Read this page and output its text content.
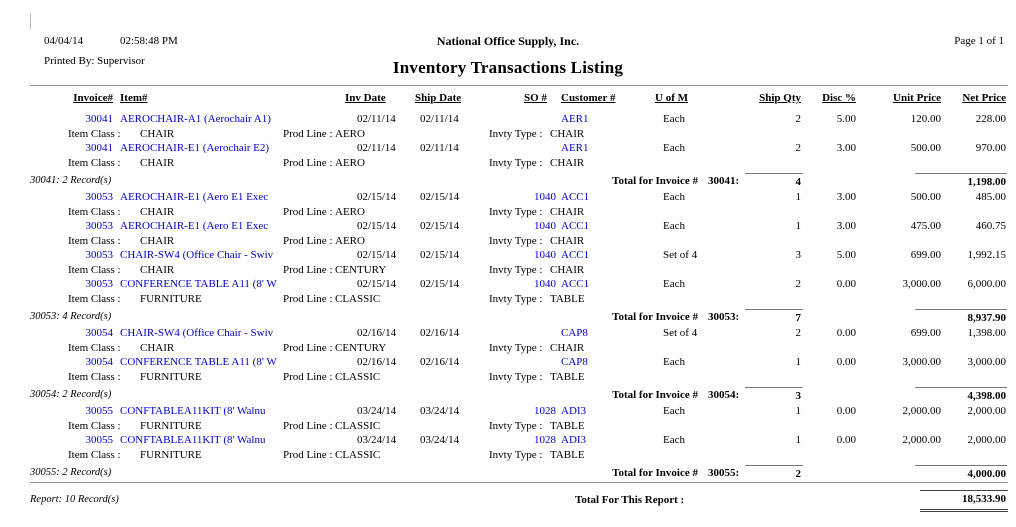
04/04/14	02:58:48 PM
Printed By: Supervisor
National Office Supply, Inc.
Inventory Transactions Listing
Page 1 of 1
Invoice# Item#	Inv Date	Ship Date	SO # Customer #	U of M	Ship Qty	Disc %	Unit Price	Net Price
30041 AEROCHAIR-A1 (Aerochair A1)	02/11/14 02/11/14	AER1	Each	2	5.00	120.00	228.00
Item Class : CHAIR	Prod Line : AERO	Invty Type : CHAIR
30041 AEROCHAIR-E1 (Aerochair E2)	02/11/14 02/11/14	AER1	Each	2	3.00	500.00	970.00
Item Class : CHAIR	Prod Line : AERO	Invty Type : CHAIR
30041: 2 Record(s)	Total for Invoice # 30041:	4	1,198.00
30053 AEROCHAIR-E1 (Aero E1 Exec	02/15/14 02/15/14	1040 ACC1	Each	1	3.00	500.00	485.00
Item Class : CHAIR	Prod Line : AERO	Invty Type : CHAIR
30053 AEROCHAIR-E1 (Aero E1 Exec	02/15/14 02/15/14	1040 ACC1	Each	1	3.00	475.00	460.75
Item Class : CHAIR	Prod Line : AERO	Invty Type : CHAIR
30053 CHAIR-SW4 (Office Chair - Swiv	02/15/14 02/15/14	1040 ACC1	Set of 4	3	5.00	699.00	1,992.15
Item Class : CHAIR	Prod Line : CENTURY	Invty Type : CHAIR
30053 CONFERENCE TABLE A11 (8' W	02/15/14 02/15/14	1040 ACC1	Each	2	0.00	3,000.00	6,000.00
Item Class : FURNITURE	Prod Line : CLASSIC	Invty Type : TABLE
30053: 4 Record(s)	Total for Invoice # 30053:	7	8,937.90
30054 CHAIR-SW4 (Office Chair - Swiv	02/16/14 02/16/14	CAP8	Set of 4	2	0.00	699.00	1,398.00
Item Class : CHAIR	Prod Line : CENTURY	Invty Type : CHAIR
30054 CONFERENCE TABLE A11 (8' W	02/16/14 02/16/14	CAP8	Each	1	0.00	3,000.00	3,000.00
Item Class : FURNITURE	Prod Line : CLASSIC	Invty Type : TABLE
30054: 2 Record(s)	Total for Invoice # 30054:	3	4,398.00
30055 CONFTABLEA11KIT (8' Walnu	03/24/14 03/24/14	1028 ADI3	Each	1	0.00	2,000.00	2,000.00
Item Class : FURNITURE	Prod Line : CLASSIC	Invty Type : TABLE
30055 CONFTABLEA11KIT (8' Walnu	03/24/14 03/24/14	1028 ADI3	Each	1	0.00	2,000.00	2,000.00
Item Class : FURNITURE	Prod Line : CLASSIC	Invty Type : TABLE
30055: 2 Record(s)	Total for Invoice # 30055:	2	4,000.00
Report: 10 Record(s)	Total For This Report :	18,533.90
